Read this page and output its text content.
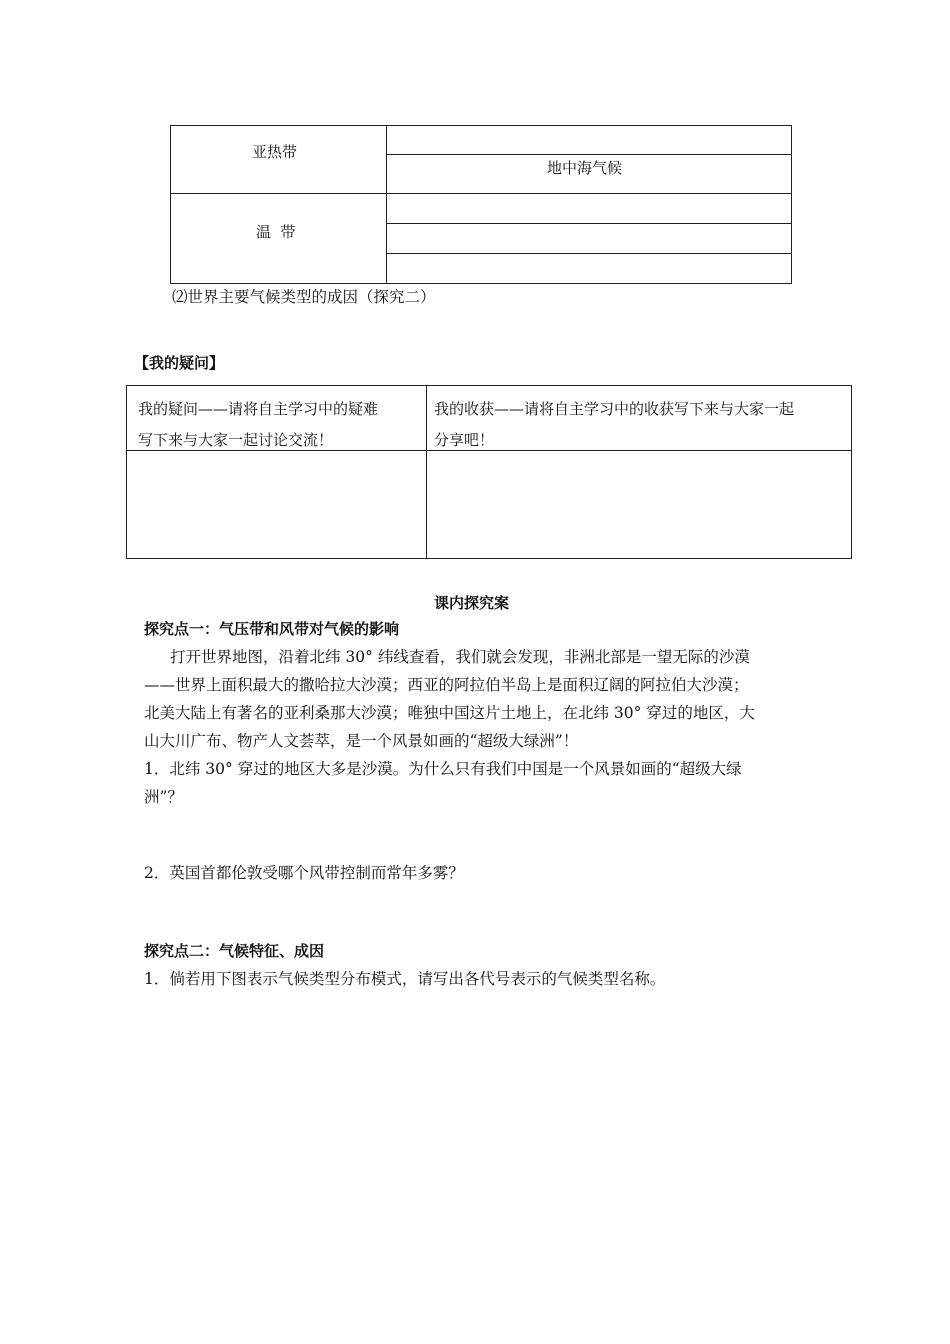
亚热带
温  带
地中海气候
⑵世界主要气候类型的成因（探究二）
【我的疑问】
我的疑问——请将自主学习中的疑难
写下来与大家一起讨论交流！
我的收获——请将自主学习中的收获写下来与大家一起
分享吧！
课内探究案
探究点一：气压带和风带对气候的影响
打开世界地图，沿着北纬 30° 纬线查看，我们就会发现，非洲北部是一望无际的沙漠
——世界上面积最大的撒哈拉大沙漠；西亚的阿拉伯半岛上是面积辽阔的阿拉伯大沙漠；
北美大陆上有著名的亚利桑那大沙漠；唯独中国这片土地上，在北纬 30° 穿过的地区，大
山大川广布、物产人文荟萃，是一个风景如画的“超级大绿洲”！
1．北纬 30° 穿过的地区大多是沙漠。为什么只有我们中国是一个风景如画的“超级大绿
洲”？
2．英国首都伦敦受哪个风带控制而常年多雾？
探究点二：气候特征、成因
1．倘若用下图表示气候类型分布模式，请写出各代号表示的气候类型名称。
